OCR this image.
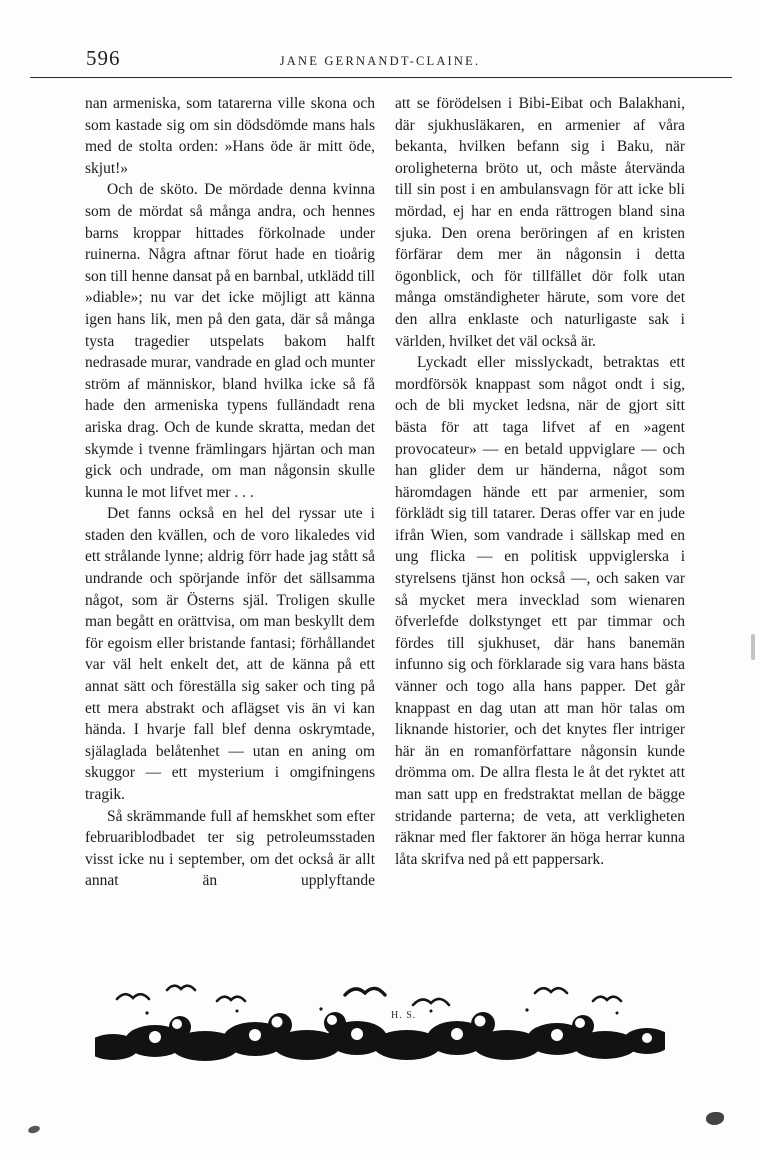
596	JANE GERNANDT-CLAINE.

nan armeniska, som tatarerna ville skona och som kastade sig om sin dödsdömde mans hals med de stolta orden: »Hans öde är mitt öde, skjut!»

Och de sköto. De mördade denna kvinna som de mördat så många andra, och hennes barns kroppar hittades förkolnade under ruinerna. Några aftnar förut hade en tioårig son till henne dansat på en barnbal, utklädd till »diable»; nu var det icke möjligt att känna igen hans lik, men på den gata, där så många tysta tragedier utspelats bakom halft nedrasade murar, vandrade en glad och munter ström af människor, bland hvilka icke så få hade den armeniska typens fulländadt rena ariska drag. Och de kunde skratta, medan det skymde i tvenne främlingars hjärtan och man gick och undrade, om man någonsin skulle kunna le mot lifvet mer . . .

Det fanns också en hel del ryssar ute i staden den kvällen, och de voro likaledes vid ett strålande lynne; aldrig förr hade jag stått så undrande och spörjande inför det sällsamma något, som är Österns själ. Troligen skulle man begått en orättvisa, om man beskyllt dem för egoism eller bristande fantasi; förhållandet var väl helt enkelt det, att de känna på ett annat sätt och föreställa sig saker och ting på ett mera abstrakt och aflägset vis än vi kan hända. I hvarje fall blef denna oskrymtade, själaglada belåtenhet — utan en aning om skuggor — ett mysterium i omgifningens tragik.

Så skrämmande full af hemskhet som efter februariblodbadet ter sig petroleumsstaden visst icke nu i september, om det också är allt annat än upplyftande

att se förödelsen i Bibi-Eibat och Balakhani, där sjukhusläkaren, en armenier af våra bekanta, hvilken befann sig i Baku, när oroligheterna bröto ut, och måste återvända till sin post i en ambulansvagn för att icke bli mördad, ej har en enda rättrogen bland sina sjuka. Den orena beröringen af en kristen förfärar dem mer än någonsin i detta ögonblick, och för tillfället dör folk utan många omständigheter härute, som vore det den allra enklaste och naturligaste sak i världen, hvilket det väl också är.

Lyckadt eller misslyckadt, betraktas ett mordförsök knappast som något ondt i sig, och de bli mycket ledsna, när de gjort sitt bästa för att taga lifvet af en »agent provocateur» — en betald uppviglare — och han glider dem ur händerna, något som häromdagen hände ett par armenier, som förklädt sig till tatarer. Deras offer var en jude ifrån Wien, som vandrade i sällskap med en ung flicka — en politisk uppviglerska i styrelsens tjänst hon också —, och saken var så mycket mera invecklad som wienaren öfverlefde dolkstynget ett par timmar och fördes till sjukhuset, där hans banemän infunno sig och förklarade sig vara hans bästa vänner och togo alla hans papper. Det går knappast en dag utan att man hör talas om liknande historier, och det knytes fler intriger här än en romanförfattare någonsin kunde drömma om. De allra flesta le åt det ryktet att man satt upp en fredstraktat mellan de bägge stridande parterna; de veta, att verkligheten räknar med fler faktorer än höga herrar kunna låta skrifva ned på ett pappersark.

H. S.
